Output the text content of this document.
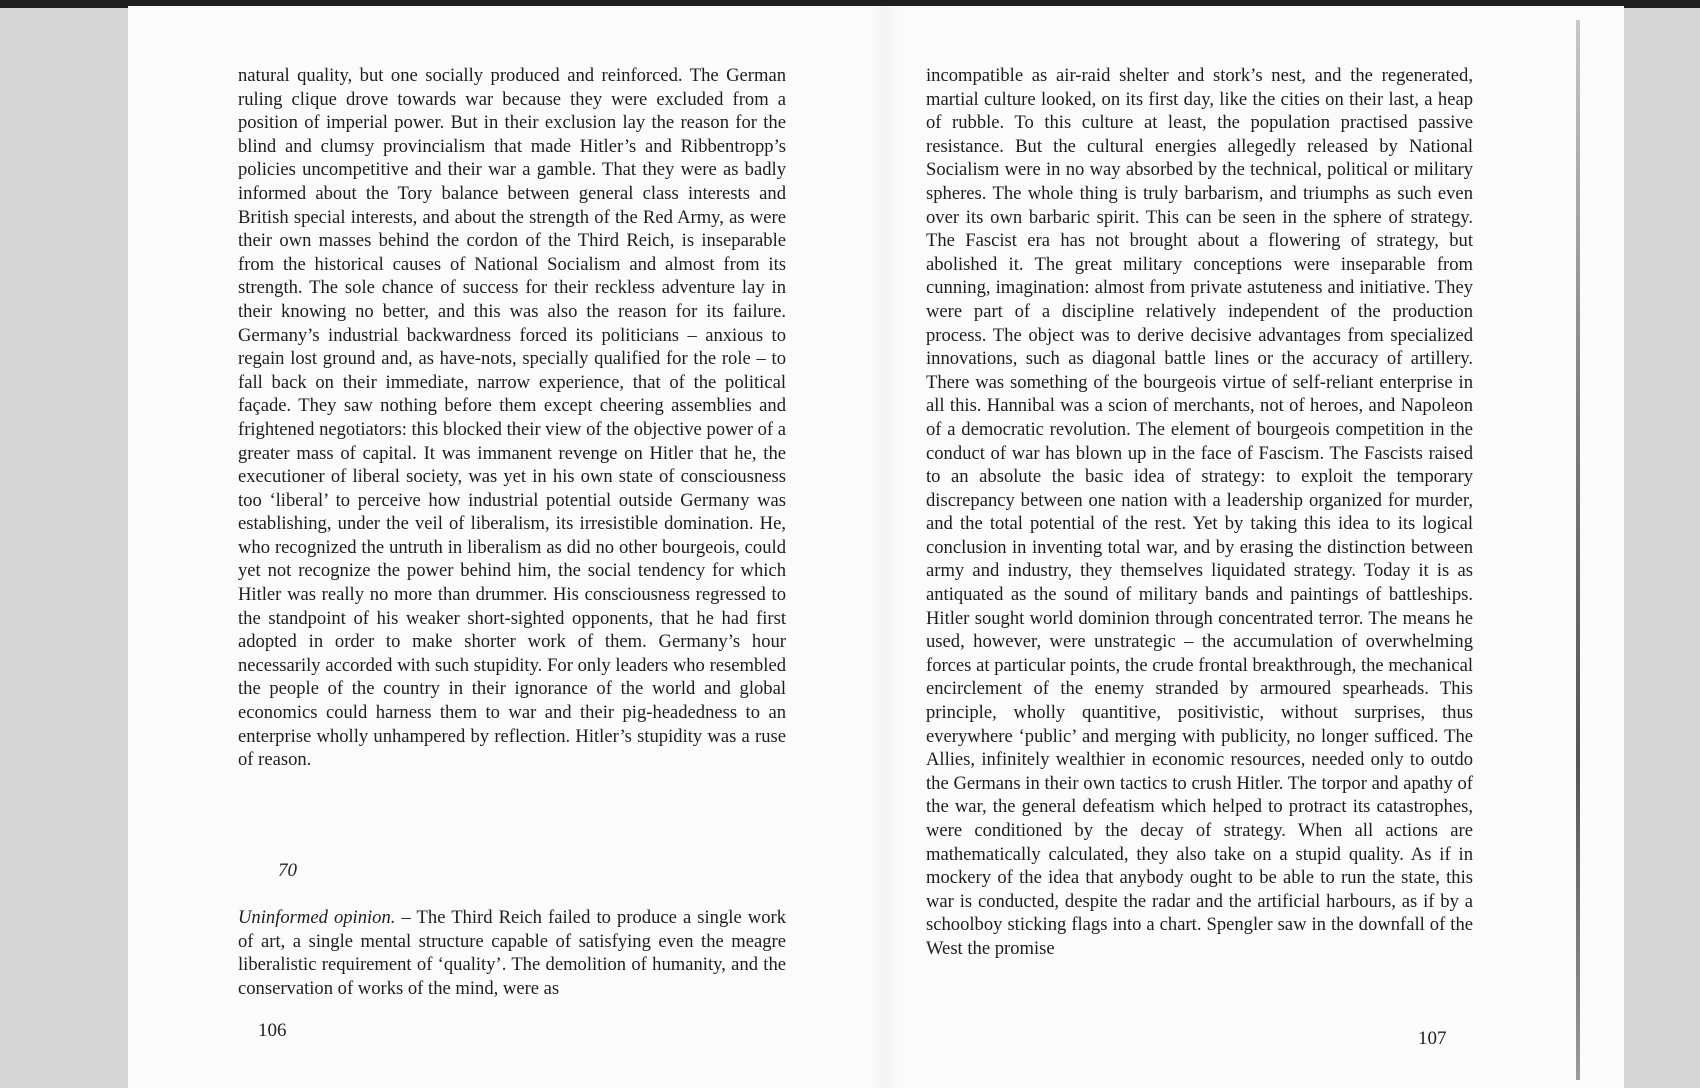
natural quality, but one socially produced and reinforced. The German ruling clique drove towards war because they were excluded from a position of imperial power. But in their exclusion lay the reason for the blind and clumsy provincialism that made Hitler’s and Ribbentropp’s policies uncompetitive and their war a gamble. That they were as badly informed about the Tory balance between general class interests and British special interests, and about the strength of the Red Army, as were their own masses behind the cordon of the Third Reich, is inseparable from the historical causes of National Socialism and almost from its strength. The sole chance of success for their reckless adventure lay in their knowing no better, and this was also the reason for its failure. Germany’s industrial backwardness forced its politicians – anxious to regain lost ground and, as have-nots, specially qualified for the role – to fall back on their immediate, narrow experience, that of the political façade. They saw nothing before them except cheering assemblies and frightened negotiators: this blocked their view of the objective power of a greater mass of capital. It was immanent revenge on Hitler that he, the executioner of liberal society, was yet in his own state of consciousness too ‘liberal’ to perceive how industrial potential outside Germany was establishing, under the veil of liberalism, its irresistible domination. He, who recognized the untruth in liberalism as did no other bourgeois, could yet not recognize the power behind him, the social tendency for which Hitler was really no more than drummer. His consciousness regressed to the standpoint of his weaker short-sighted opponents, that he had first adopted in order to make shorter work of them. Germany’s hour necessarily accorded with such stupidity. For only leaders who resembled the people of the country in their ignorance of the world and global economics could harness them to war and their pig-headedness to an enterprise wholly unhampered by reflection. Hitler’s stupidity was a ruse of reason.

70

Uninformed opinion. – The Third Reich failed to produce a single work of art, a single mental structure capable of satisfying even the meagre liberalistic requirement of ‘quality’. The demolition of humanity, and the conservation of works of the mind, were as

106

incompatible as air-raid shelter and stork’s nest, and the regenerated, martial culture looked, on its first day, like the cities on their last, a heap of rubble. To this culture at least, the population practised passive resistance. But the cultural energies allegedly released by National Socialism were in no way absorbed by the technical, political or military spheres. The whole thing is truly barbarism, and triumphs as such even over its own barbaric spirit. This can be seen in the sphere of strategy. The Fascist era has not brought about a flowering of strategy, but abolished it. The great military conceptions were inseparable from cunning, imagination: almost from private astuteness and initiative. They were part of a discipline relatively independent of the production process. The object was to derive decisive advantages from specialized innovations, such as diagonal battle lines or the accuracy of artillery. There was something of the bourgeois virtue of self-reliant enterprise in all this. Hannibal was a scion of merchants, not of heroes, and Napoleon of a democratic revolution. The element of bourgeois competition in the conduct of war has blown up in the face of Fascism. The Fascists raised to an absolute the basic idea of strategy: to exploit the temporary discrepancy between one nation with a leadership organized for murder, and the total potential of the rest. Yet by taking this idea to its logical conclusion in inventing total war, and by erasing the distinction between army and industry, they themselves liquidated strategy. Today it is as antiquated as the sound of military bands and paintings of battleships. Hitler sought world dominion through concentrated terror. The means he used, however, were unstrategic – the accumulation of overwhelming forces at particular points, the crude frontal breakthrough, the mechanical encirclement of the enemy stranded by armoured spearheads. This principle, wholly quantitive, positivistic, without surprises, thus everywhere ‘public’ and merging with publicity, no longer sufficed. The Allies, infinitely wealthier in economic resources, needed only to outdo the Germans in their own tactics to crush Hitler. The torpor and apathy of the war, the general defeatism which helped to protract its catastrophes, were conditioned by the decay of strategy. When all actions are mathematically calculated, they also take on a stupid quality. As if in mockery of the idea that anybody ought to be able to run the state, this war is conducted, despite the radar and the artificial harbours, as if by a schoolboy sticking flags into a chart. Spengler saw in the downfall of the West the promise

107
